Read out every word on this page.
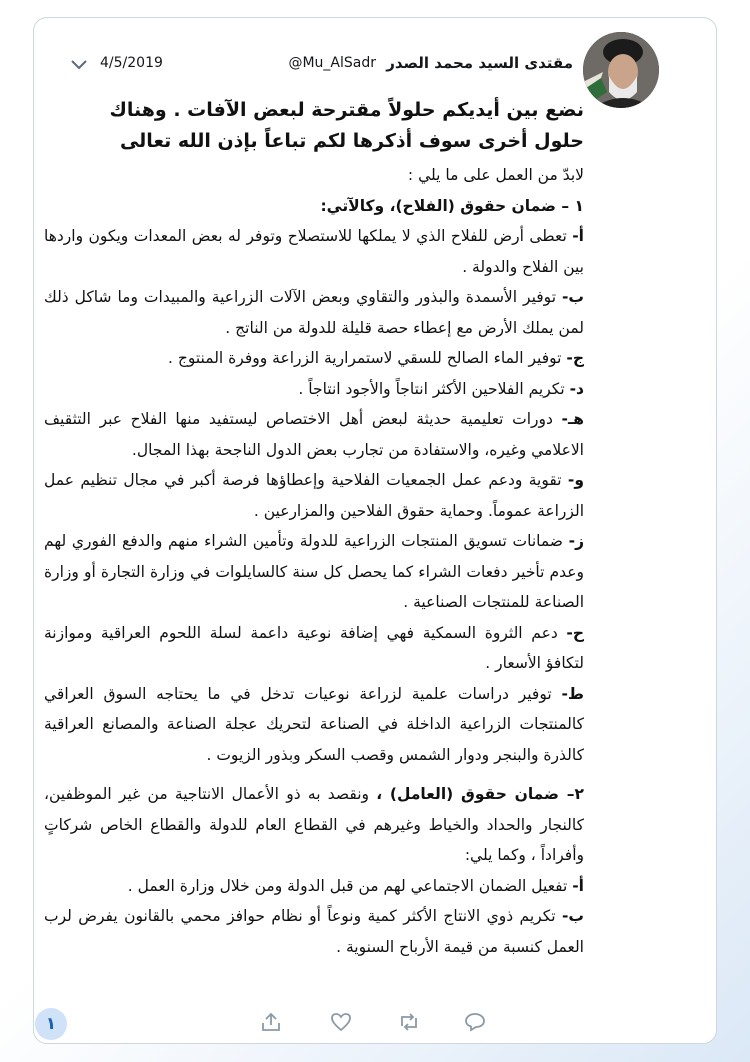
مقتدى السيد محمد الصدر
@Mu_AlSadr
4/5/2019
نضع بين أيديكم حلولاً مقترحة لبعض الآفات . وهناك
حلول أخرى سوف أذكرها لكم تباعاً بإذن الله تعالى

لابدّ من العمل على ما يلي :

١ – ضمان حقوق (الفلاح)، وكالآتي:

أ- تعطى أرض للفلاح الذي لا يملكها للاستصلاح وتوفر له بعض المعدات ويكون واردها بين الفلاح والدولة .

ب- توفير الأسمدة والبذور والتقاوي وبعض الآلات الزراعية والمبيدات وما شاكل ذلك لمن يملك الأرض مع إعطاء حصة قليلة للدولة من الناتج .

ج- توفير الماء الصالح للسقي لاستمرارية الزراعة ووفرة المنتوج .

د- تكريم الفلاحين الأكثر انتاجاً والأجود انتاجاً .

هـ- دورات تعليمية حديثة لبعض أهل الاختصاص ليستفيد منها الفلاح عبر التثقيف الاعلامي وغيره، والاستفادة من تجارب بعض الدول الناجحة بهذا المجال.

و- تقوية ودعم عمل الجمعيات الفلاحية وإعطاؤها فرصة أكبر في مجال تنظيم عمل الزراعة عموماً. وحماية حقوق الفلاحين والمزارعين .

ز- ضمانات تسويق المنتجات الزراعية للدولة وتأمين الشراء منهم والدفع الفوري لهم وعدم تأخير دفعات الشراء كما يحصل كل سنة كالسايلوات في وزارة التجارة أو وزارة الصناعة للمنتجات الصناعية .

ح- دعم الثروة السمكية فهي إضافة نوعية داعمة لسلة اللحوم العراقية وموازنة لتكافؤ الأسعار .

ط- توفير دراسات علمية لزراعة نوعيات تدخل في ما يحتاجه السوق العراقي كالمنتجات الزراعية الداخلة في الصناعة لتحريك عجلة الصناعة والمصانع العراقية كالذرة والبنجر ودوار الشمس وقصب السكر وبذور الزيوت .

٢– ضمان حقوق (العامل) ، ونقصد به ذو الأعمال الانتاجية من غير الموظفين، كالنجار والحداد والخياط وغيرهم في القطاع العام للدولة والقطاع الخاص شركاتٍ وأفراداً ، وكما يلي:

أ- تفعيل الضمان الاجتماعي لهم من قبل الدولة ومن خلال وزارة العمل .

ب- تكريم ذوي الانتاج الأكثر كمية ونوعاً أو نظام حوافز محمي بالقانون يفرض لرب العمل كنسبة من قيمة الأرباح السنوية .

١
